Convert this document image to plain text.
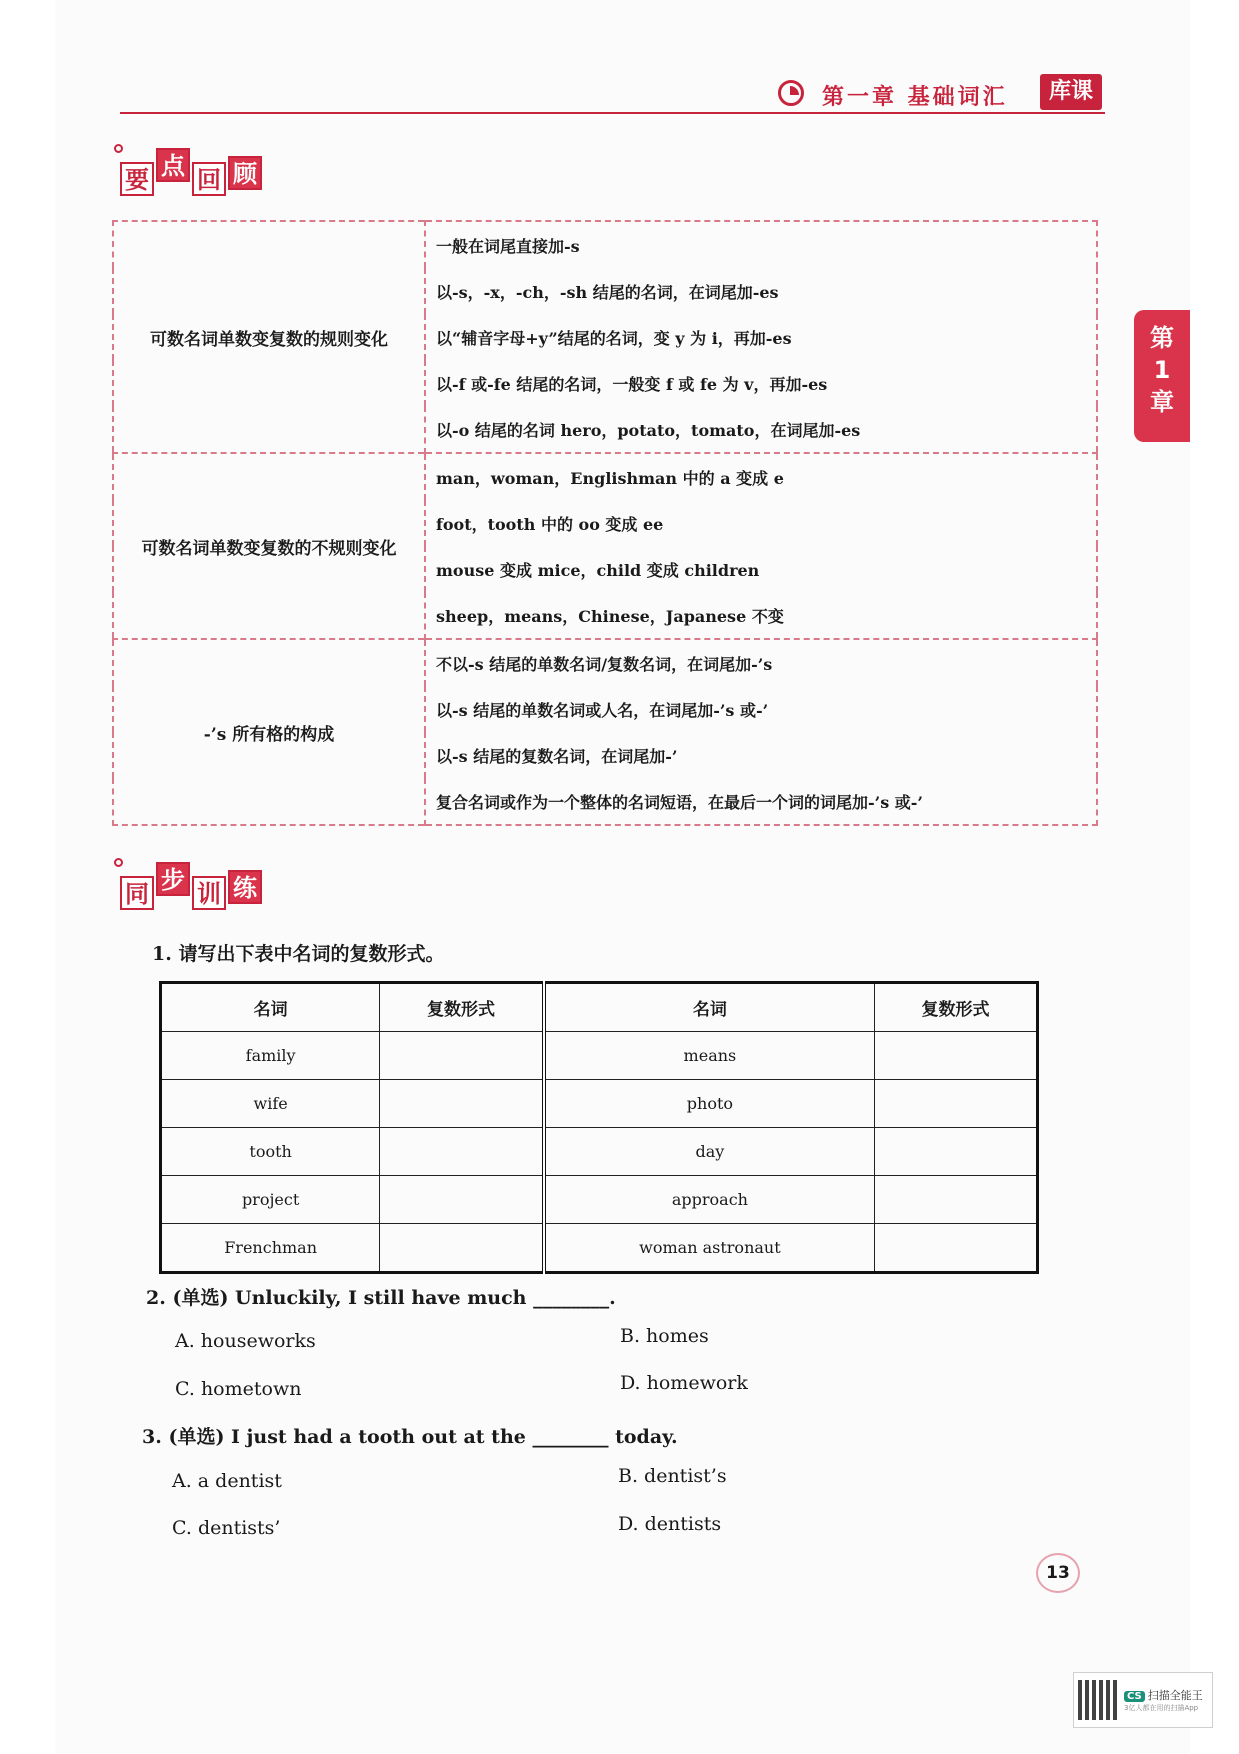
第一章 基础词汇	库课
第
1
章
要 点 回 顾
可数名词单数变复数的规则变化	一般在词尾直接加-s
	以-s，-x，-ch，-sh 结尾的名词，在词尾加-es
	以“辅音字母+y”结尾的名词，变 y 为 i，再加-es
	以-f 或-fe 结尾的名词，一般变 f 或 fe 为 v，再加-es
	以-o 结尾的名词 hero，potato，tomato，在词尾加-es
可数名词单数变复数的不规则变化	man，woman，Englishman 中的 a 变成 e
	foot，tooth 中的 oo 变成 ee
	mouse 变成 mice，child 变成 children
	sheep，means，Chinese，Japanese 不变
-’s 所有格的构成	不以-s 结尾的单数名词/复数名词，在词尾加-’s
	以-s 结尾的单数名词或人名，在词尾加-’s 或-’
	以-s 结尾的复数名词，在词尾加-’
	复合名词或作为一个整体的名词短语，在最后一个词的词尾加-’s 或-’
同 步 训 练
1. 请写出下表中名词的复数形式。
名词	复数形式	名词	复数形式
family		means	
wife		photo	
tooth		day	
project		approach	
Frenchman		woman astronaut	
2. (单选) Unluckily, I still have much ________.
A. houseworks	B. homes
C. hometown	D. homework
3. (单选) I just had a tooth out at the ________ today.
A. a dentist	B. dentist’s
C. dentists’	D. dentists
13
CS 扫描全能王
3亿人都在用的扫描App
